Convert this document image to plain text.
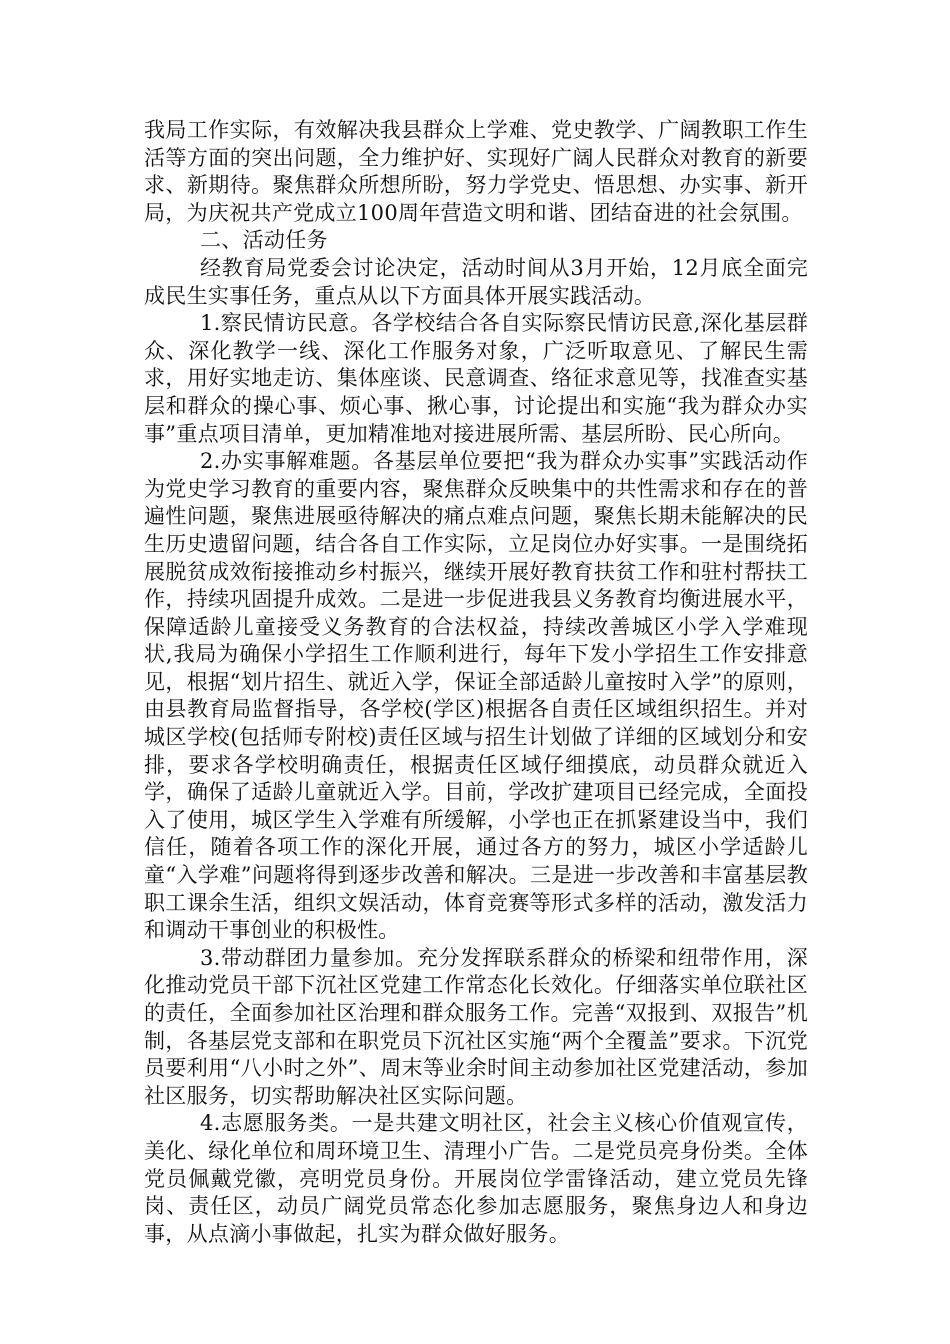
我局工作实际，有效解决我县群众上学难、党史教学、广阔教职工作生活等方面的突出问题，全力维护好、实现好广阔人民群众对教育的新要求、新期待。聚焦群众所想所盼，努力学党史、悟思想、办实事、新开局，为庆祝共产党成立100周年营造文明和谐、团结奋进的社会氛围。

二、活动任务

经教育局党委会讨论决定，活动时间从3月开始，12月底全面完成民生实事任务，重点从以下方面具体开展实践活动。

1.察民情访民意。各学校结合各自实际察民情访民意,深化基层群众、深化教学一线、深化工作服务对象，广泛听取意见、了解民生需求，用好实地走访、集体座谈、民意调查、络征求意见等，找准查实基层和群众的操心事、烦心事、揪心事，讨论提出和实施“我为群众办实事”重点项目清单，更加精准地对接进展所需、基层所盼、民心所向。

2.办实事解难题。各基层单位要把“我为群众办实事”实践活动作为党史学习教育的重要内容，聚焦群众反映集中的共性需求和存在的普遍性问题，聚焦进展亟待解决的痛点难点问题，聚焦长期未能解决的民生历史遗留问题，结合各自工作实际，立足岗位办好实事。一是围绕拓展脱贫成效衔接推动乡村振兴，继续开展好教育扶贫工作和驻村帮扶工作，持续巩固提升成效。二是进一步促进我县义务教育均衡进展水平，保障适龄儿童接受义务教育的合法权益，持续改善城区小学入学难现状,我局为确保小学招生工作顺利进行，每年下发小学招生工作安排意见，根据“划片招生、就近入学，保证全部适龄儿童按时入学”的原则，由县教育局监督指导，各学校(学区)根据各自责任区域组织招生。并对城区学校(包括师专附校)责任区域与招生计划做了详细的区域划分和安排，要求各学校明确责任，根据责任区域仔细摸底，动员群众就近入学，确保了适龄儿童就近入学。目前，学改扩建项目已经完成，全面投入了使用，城区学生入学难有所缓解，小学也正在抓紧建设当中，我们信任，随着各项工作的深化开展，通过各方的努力，城区小学适龄儿童“入学难”问题将得到逐步改善和解决。三是进一步改善和丰富基层教职工课余生活，组织文娱活动，体育竞赛等形式多样的活动，激发活力和调动干事创业的积极性。

3.带动群团力量参加。充分发挥联系群众的桥梁和纽带作用，深化推动党员干部下沉社区党建工作常态化长效化。仔细落实单位联社区的责任，全面参加社区治理和群众服务工作。完善“双报到、双报告”机制，各基层党支部和在职党员下沉社区实施“两个全覆盖”要求。下沉党员要利用“八小时之外”、周末等业余时间主动参加社区党建活动，参加社区服务，切实帮助解决社区实际问题。

4.志愿服务类。一是共建文明社区，社会主义核心价值观宣传，美化、绿化单位和周环境卫生、清理小广告。二是党员亮身份类。全体党员佩戴党徽，亮明党员身份。开展岗位学雷锋活动，建立党员先锋岗、责任区，动员广阔党员常态化参加志愿服务，聚焦身边人和身边事，从点滴小事做起，扎实为群众做好服务。
